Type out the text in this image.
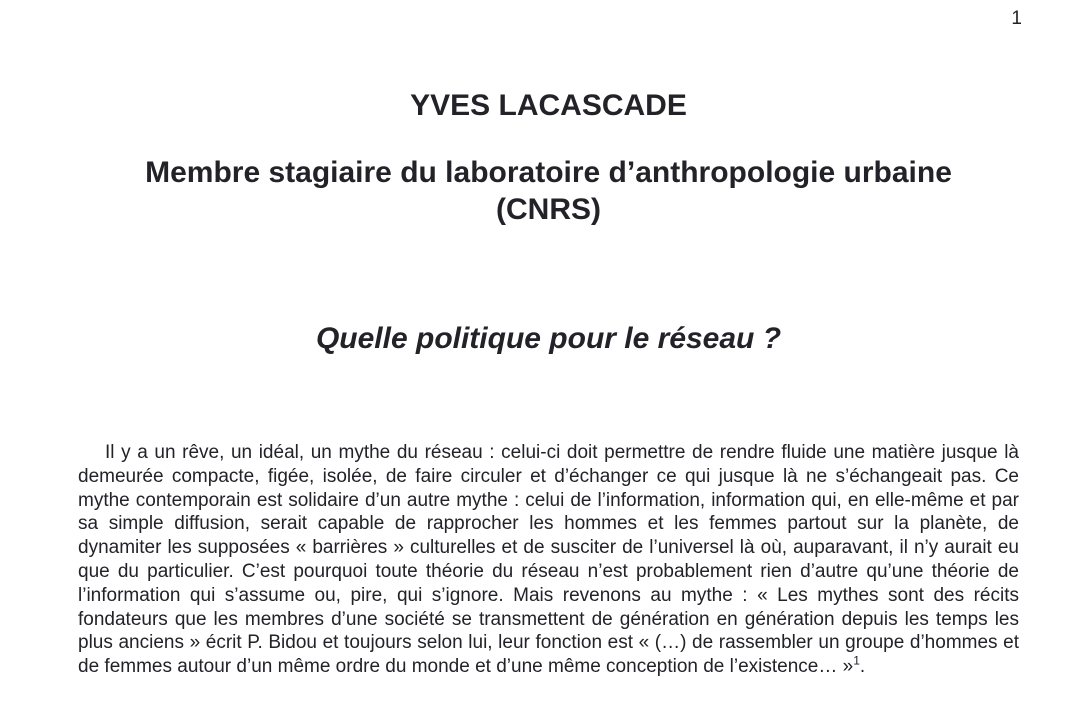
1
YVES LACASCADE
Membre stagiaire du laboratoire d’anthropologie urbaine
(CNRS)
Quelle politique pour le réseau ?

Il y a un rêve, un idéal, un mythe du réseau : celui-ci doit permettre de rendre fluide une matière jusque là demeurée compacte, figée, isolée, de faire circuler et d’échanger ce qui jusque là ne s’échangeait pas. Ce mythe contemporain est solidaire d’un autre mythe : celui de l’information, information qui, en elle-même et par sa simple diffusion, serait capable de rapprocher les hommes et les femmes partout sur la planète, de dynamiter les supposées « barrières » culturelles et de susciter de l’universel là où, auparavant, il n’y aurait eu que du particulier. C’est pourquoi toute théorie du réseau n’est probablement rien d’autre qu’une théorie de l’information qui s’assume ou, pire, qui s’ignore. Mais revenons au mythe : « Les mythes sont des récits fondateurs que les membres d’une société se transmettent de génération en génération depuis les temps les plus anciens » écrit P. Bidou et toujours selon lui, leur fonction est « (…) de rassembler un groupe d’hommes et de femmes autour d’un même ordre du monde et d’une même conception de l’existence… »$^1$.
